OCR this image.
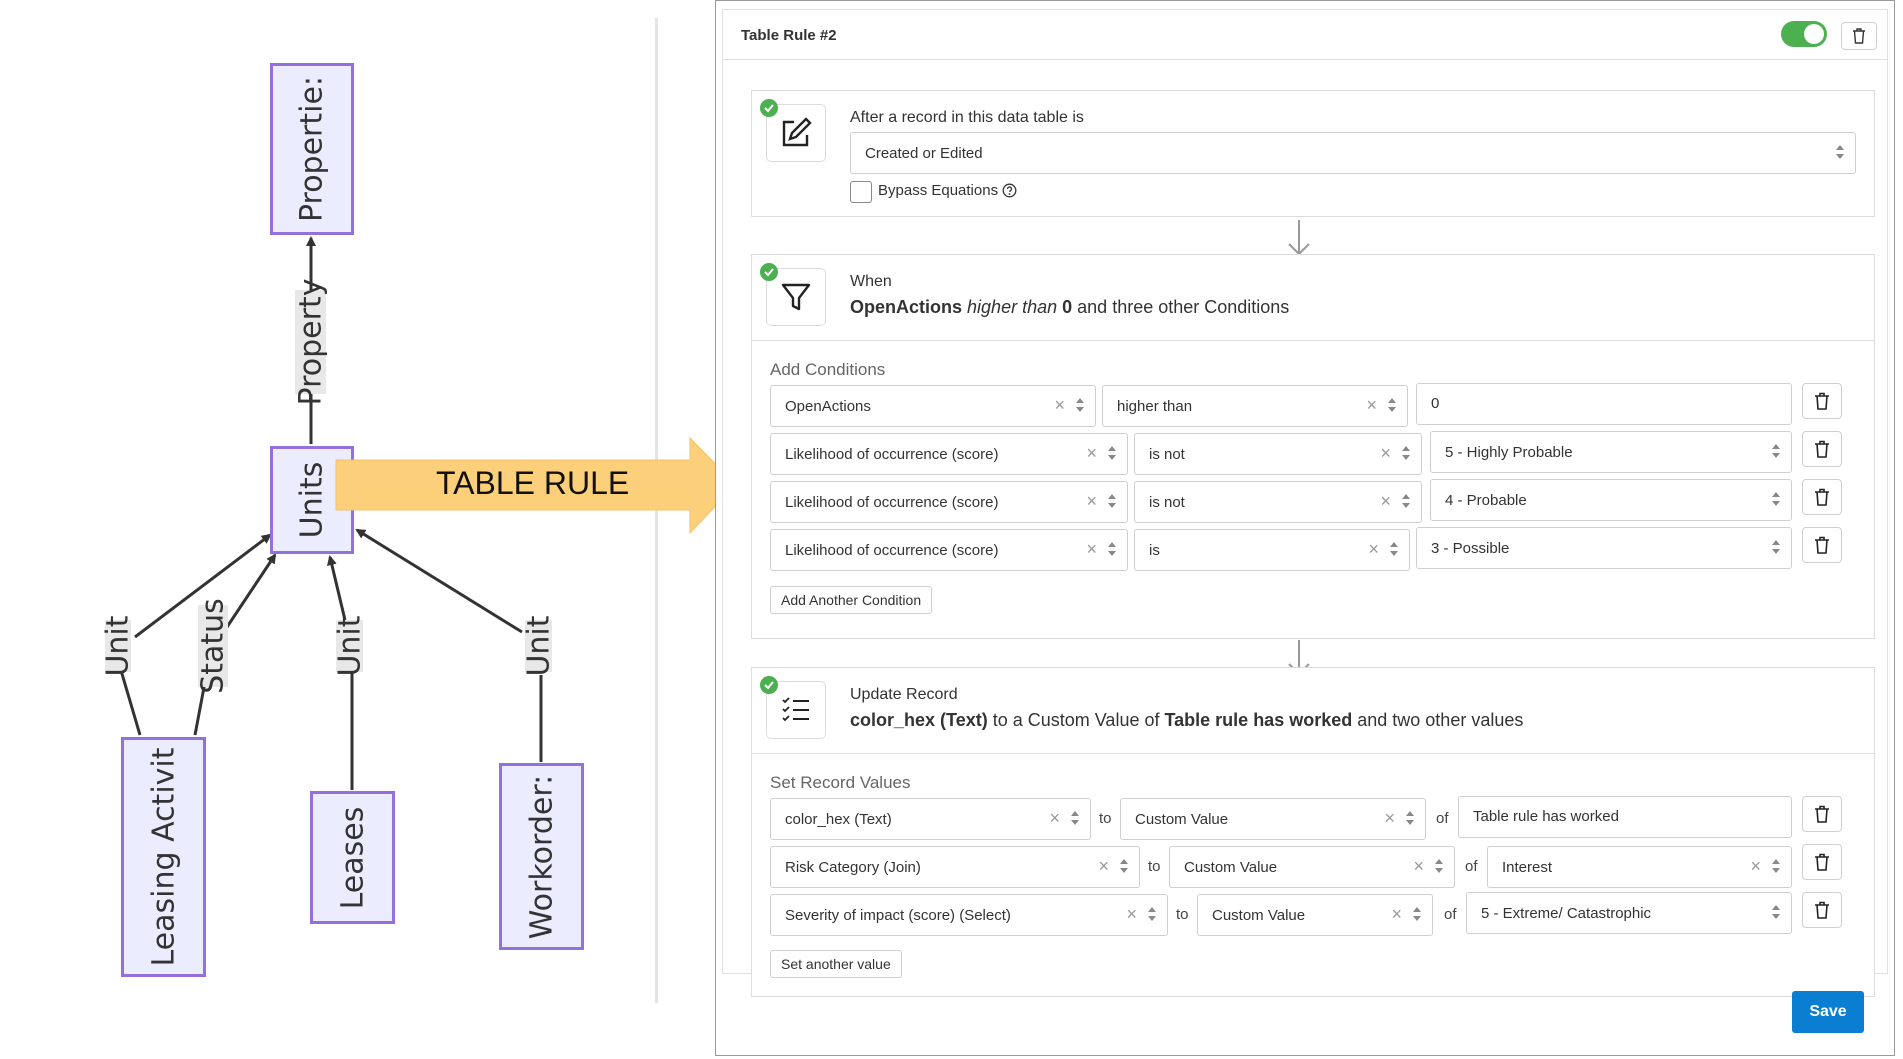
Propertie:
Units
Leasing Activit	Leases	Workorder:
Property
Unit Status	Unit	Unit
TABLE RULE
Table Rule #2
After a record in this data table is
Created or Edited
Bypass Equations
When
OpenActions higher than 0 and three other Conditions
Add Conditions
OpenActions	×	higher than	×	0
Likelihood of occurrence (score)	×	is not	×	5 - Highly Probable
Likelihood of occurrence (score)	×	is not	×	4 - Probable
Likelihood of occurrence (score)	×	is	×	3 - Possible
Add Another Condition
Update Record
color_hex (Text) to a Custom Value of Table rule has worked and two other values
Set Record Values
color_hex (Text)	×	to Custom Value	×	of Table rule has worked
Risk Category (Join)	×	to Custom Value	×	of Interest	×
Severity of impact (score) (Select)	×	to Custom Value	×	of 5 - Extreme/ Catastrophic
Set another value
Save
